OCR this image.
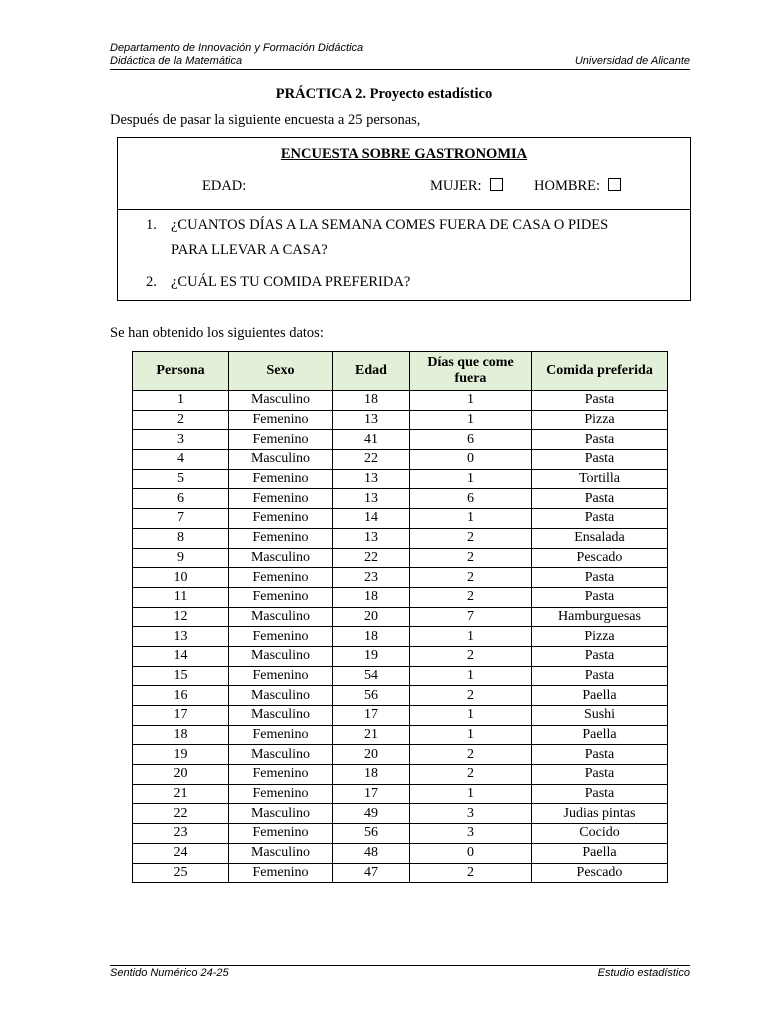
Departamento de Innovación y Formación Didáctica
Didáctica de la Matemática	Universidad de Alicante
PRÁCTICA 2. Proyecto estadístico
Después de pasar la siguiente encuesta a 25 personas,
ENCUESTA SOBRE GASTRONOMIA
EDAD:	MUJER:	HOMBRE:
1. ¿CUANTOS DÍAS A LA SEMANA COMES FUERA DE CASA O PIDES
PARA LLEVAR A CASA?
2. ¿CUÁL ES TU COMIDA PREFERIDA?
Se han obtenido los siguientes datos:
Persona	Sexo	Edad	Días que come fuera	Comida preferida
1	Masculino	18	1	Pasta
2	Femenino	13	1	Pizza
3	Femenino	41	6	Pasta
4	Masculino	22	0	Pasta
5	Femenino	13	1	Tortilla
6	Femenino	13	6	Pasta
7	Femenino	14	1	Pasta
8	Femenino	13	2	Ensalada
9	Masculino	22	2	Pescado
10	Femenino	23	2	Pasta
11	Femenino	18	2	Pasta
12	Masculino	20	7	Hamburguesas
13	Femenino	18	1	Pizza
14	Masculino	19	2	Pasta
15	Femenino	54	1	Pasta
16	Masculino	56	2	Paella
17	Masculino	17	1	Sushi
18	Femenino	21	1	Paella
19	Masculino	20	2	Pasta
20	Femenino	18	2	Pasta
21	Femenino	17	1	Pasta
22	Masculino	49	3	Judias pintas
23	Femenino	56	3	Cocido
24	Masculino	48	0	Paella
25	Femenino	47	2	Pescado
Sentido Numérico 24-25	Estudio estadístico
